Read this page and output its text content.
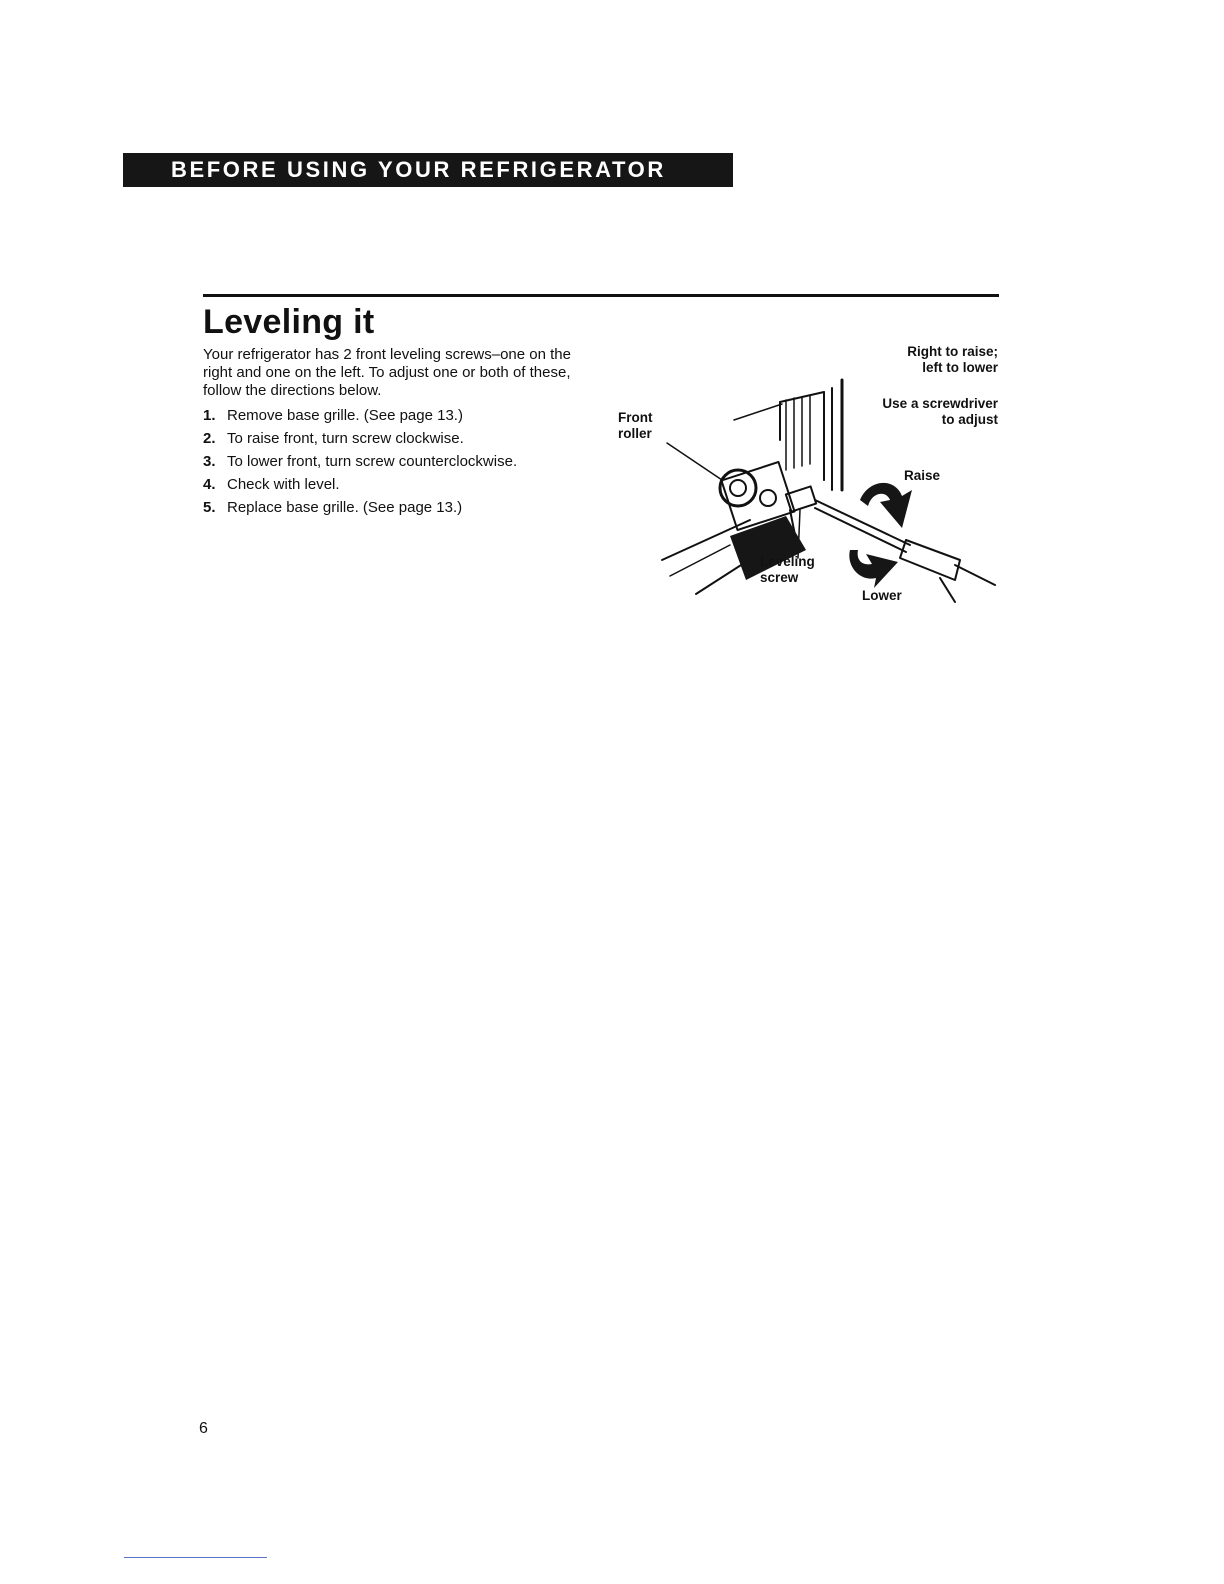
BEFORE USING YOUR REFRIGERATOR
Leveling it

Your refrigerator has 2 front leveling screws–one on the right and one on the left. To adjust one or both of these, follow the directions below.

1. Remove base grille. (See page 13.)
2. To raise front, turn screw clockwise.
3. To lower front, turn screw counterclockwise.
4. Check with level.
5. Replace base grille. (See page 13.)
Front
roller
Right to raise;
left to lower
Use a screwdriver
to adjust
Raise
Leveling
screw
Lower
6
